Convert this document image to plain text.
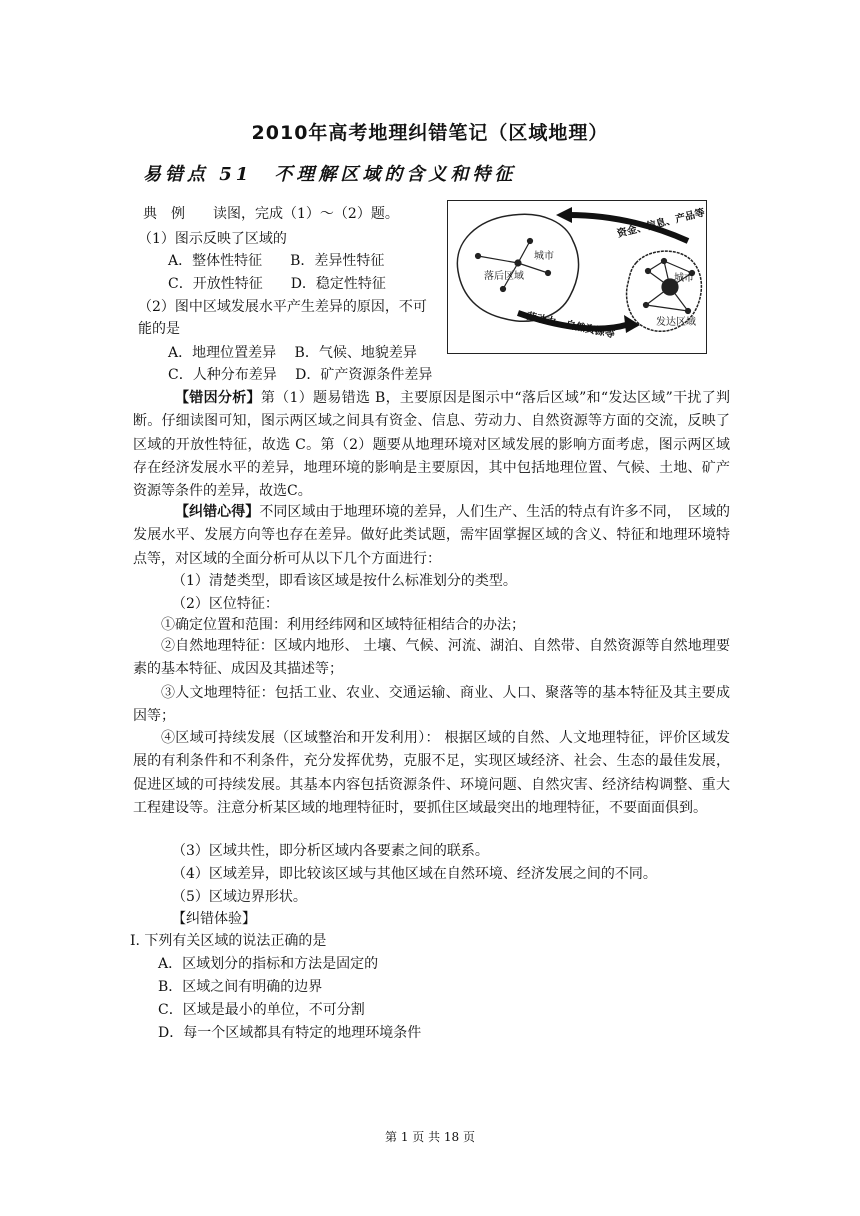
2010年高考地理纠错笔记（区域地理）
易错点 51　不理解区域的含义和特征
典　例　　读图，完成（1）～（2）题。
（1）图示反映了区域的
A．整体性特征　　B．差异性特征
C．开放性特征　　D．稳定性特征
（2）图中区域发展水平产生差异的原因，不可
能的是
A．地理位置差异　 B．气候、地貌差异
C．人种分布差异　 D．矿产资源条件差异
资金、信息、产品等
劳动力、自然资源等
城市
落后区域	城市
发达区域
【错因分析】第（1）题易错选 B，主要原因是图示中“落后区域”和“发达区域”干扰了判断。仔细读图可知，图示两区域之间具有资金、信息、劳动力、自然资源等方面的交流，反映了区域的开放性特征，故选 C。第（2）题要从地理环境对区域发展的影响方面考虑，图示两区域存在经济发展水平的差异，地理环境的影响是主要原因，其中包括地理位置、气候、土地、矿产资源等条件的差异，故选C。
【纠错心得】不同区域由于地理环境的差异，人们生产、生活的特点有许多不同，　区域的发展水平、发展方向等也存在差异。做好此类试题，需牢固掌握区域的含义、特征和地理环境特点等，对区域的全面分析可从以下几个方面进行：
（1）清楚类型，即看该区域是按什么标准划分的类型。
（2）区位特征：
①确定位置和范围：利用经纬网和区域特征相结合的办法；
②自然地理特征：区域内地形、 土壤、气候、河流、湖泊、自然带、自然资源等自然地理要素的基本特征、成因及其描述等；
③人文地理特征：包括工业、农业、交通运输、商业、人口、聚落等的基本特征及其主要成因等；
④区域可持续发展（区域整治和开发利用）： 根据区域的自然、人文地理特征，评价区域发展的有利条件和不利条件，充分发挥优势，克服不足，实现区域经济、社会、生态的最佳发展，促进区域的可持续发展。其基本内容包括资源条件、环境问题、自然灾害、经济结构调整、重大工程建设等。注意分析某区域的地理特征时，要抓住区域最突出的地理特征，不要面面俱到。
（3）区域共性，即分析区域内各要素之间的联系。
（4）区域差异，即比较该区域与其他区域在自然环境、经济发展之间的不同。
（5）区域边界形状。
【纠错体验】
I. 下列有关区域的说法正确的是
A．区域划分的指标和方法是固定的
B．区域之间有明确的边界
C．区域是最小的单位，不可分割
D．每一个区域都具有特定的地理环境条件
第 1 页 共 18 页
